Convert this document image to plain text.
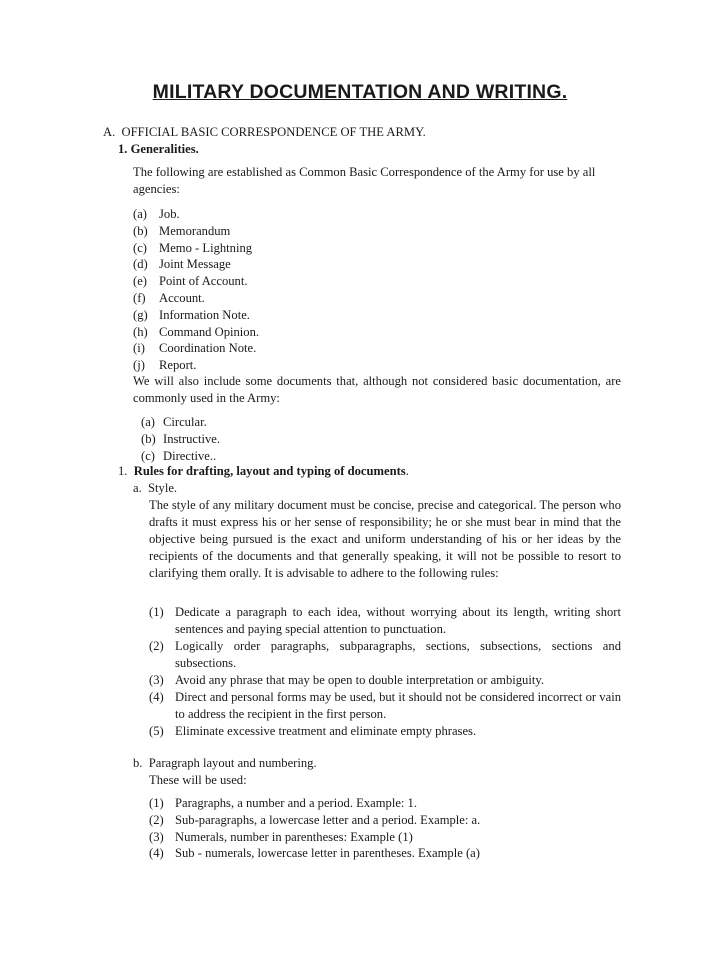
MILITARY DOCUMENTATION AND WRITING.
A. OFFICIAL BASIC CORRESPONDENCE OF THE ARMY.
1. Generalities.
The following are established as Common Basic Correspondence of the Army for use by all agencies:
(a) Job.
(b) Memorandum
(c) Memo - Lightning
(d) Joint Message
(e) Point of Account.
(f)	Account.
(g) Information Note.
(h) Command Opinion.
(i)	Coordination Note.
(j)	Report.
We will also include some documents that, although not considered basic documentation, are commonly used in the Army:
(a) Circular.
(b) Instructive.
(c) Directive..
1. Rules for drafting, layout and typing of documents.
a. Style.
The style of any military document must be concise, precise and categorical. The person who drafts it must express his or her sense of responsibility; he or she must bear in mind that the objective being pursued is the exact and uniform understanding of his or her ideas by the recipients of the documents and that generally speaking, it will not be possible to resort to clarifying them orally. It is advisable to adhere to the following rules:
(1) Dedicate a paragraph to each idea, without worrying about its length, writing short sentences and paying special attention to punctuation.
(2) Logically order paragraphs, subparagraphs, sections, subsections, sections and subsections.
(3) Avoid any phrase that may be open to double interpretation or ambiguity.
(4) Direct and personal forms may be used, but it should not be considered incorrect or vain to address the recipient in the first person.
(5) Eliminate excessive treatment and eliminate empty phrases.
b. Paragraph layout and numbering.
These will be used:
(1) Paragraphs, a number and a period. Example: 1.
(2) Sub-paragraphs, a lowercase letter and a period. Example: a.
(3) Numerals, number in parentheses: Example (1)
(4) Sub - numerals, lowercase letter in parentheses. Example (a)
